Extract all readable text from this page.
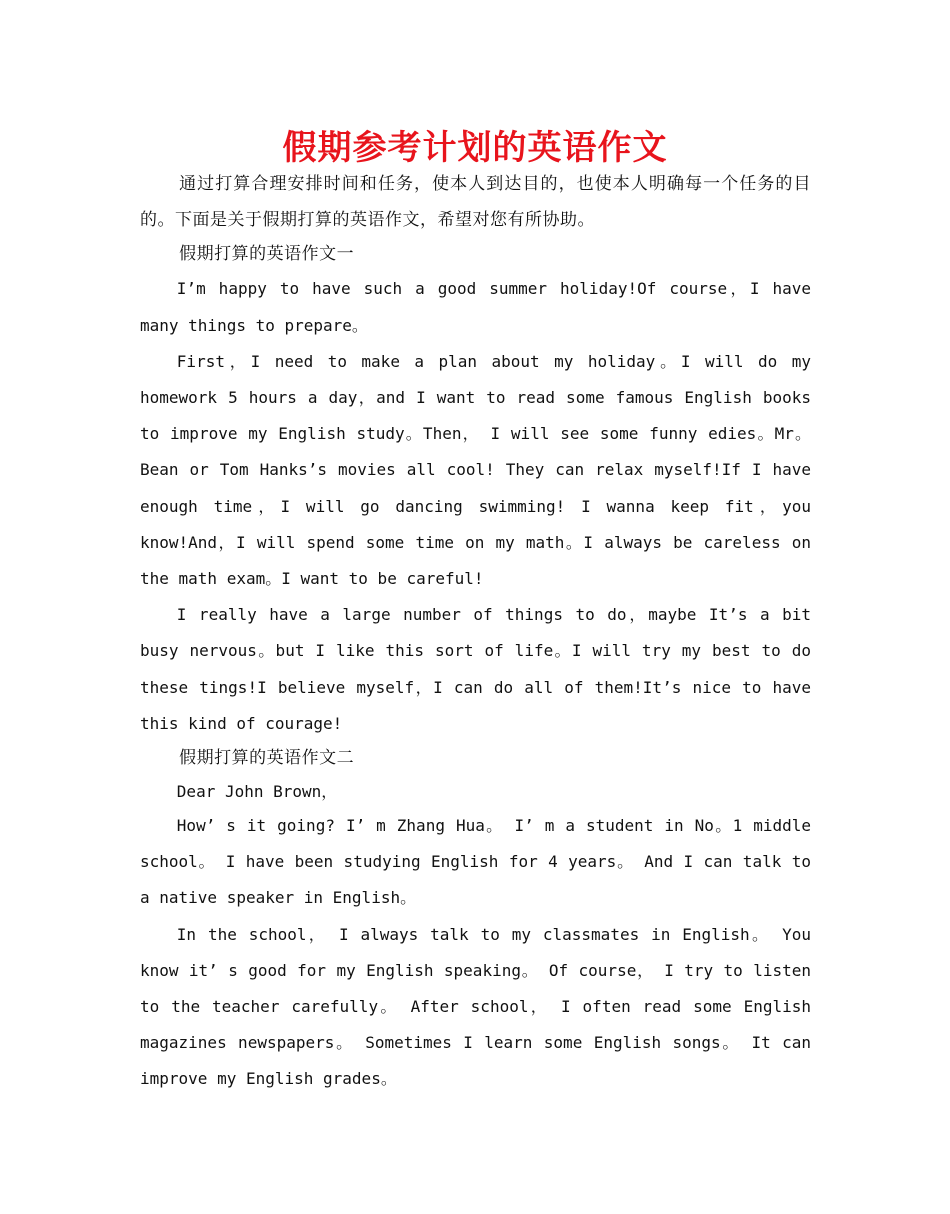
假期参考计划的英语作文

通过打算合理安排时间和任务，使本人到达目的，也使本人明确每一个任务的目的。下面是关于假期打算的英语作文，希望对您有所协助。

假期打算的英语作文一

I’m happy to have such a good summer holiday!Of course，I have many things to prepare。

First，I need to make a plan about my holiday。I will do my homework 5 hours a day，and I want to read some famous English books to improve my English study。Then， I will see some funny edies。Mr。Bean or Tom Hanks’s movies all cool! They can relax myself!If I have enough time，I will go dancing swimming! I wanna keep fit，you know!And，I will spend some time on my math。I always be careless on the math exam。I want to be careful!

I really have a large number of things to do，maybe It’s a bit busy nervous。but I like this sort of life。I will try my best to do these tings!I believe myself，I can do all of them!It’s nice to have this kind of courage!

假期打算的英语作文二

Dear John Brown，

How’ s it going? I’ m Zhang Hua。 I’ m a student in No。1 middle school。 I have been studying English for 4 years。 And I can talk to a native speaker in English。

In the school， I always talk to my classmates in English。 You know it’ s good for my English speaking。 Of course， I try to listen to the teacher carefully。 After school， I often read some English magazines newspapers。 Sometimes I learn some English songs。 It can improve my English grades。
